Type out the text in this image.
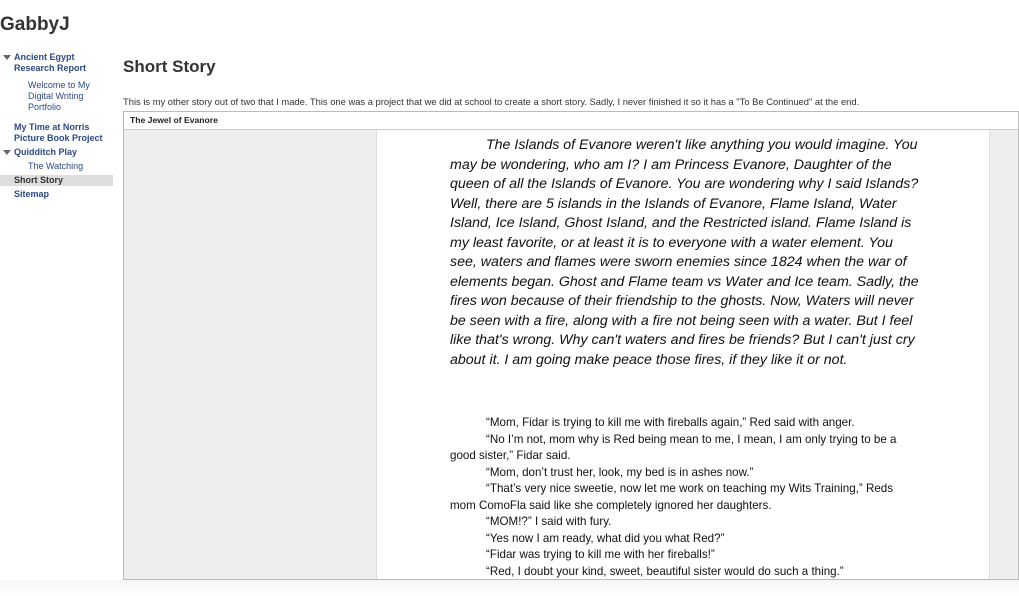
GabbyJ
Ancient Egypt Research Report
Welcome to My Digital Writing Portfolio
My Time at Norris Picture Book Project
Quidditch Play
The Watching
Short Story
Sitemap
Short Story
This is my other story out of two that I made. This one was a project that we did at school to create a short story. Sadly, I never finished it so it has a "To Be Continued" at the end.
The Jewel of Evanore

The Islands of Evanore weren't like anything you would imagine. You may be wondering, who am I? I am Princess Evanore, Daughter of the queen of all the Islands of Evanore. You are wondering why I said Islands? Well, there are 5 islands in the Islands of Evanore, Flame Island, Water Island, Ice Island, Ghost Island, and the Restricted island. Flame Island is my least favorite, or at least it is to everyone with a water element. You see, waters and flames were sworn enemies since 1824 when the war of elements began. Ghost and Flame team vs Water and Ice team. Sadly, the fires won because of their friendship to the ghosts. Now, Waters will never be seen with a fire, along with a fire not being seen with a water. But I feel like that's wrong. Why can't waters and fires be friends? But I can't just cry about it. I am going make peace those fires, if they like it or not.

“Mom, Fidar is trying to kill me with fireballs again,” Red said with anger.

“No I’m not, mom why is Red being mean to me, I mean, I am only trying to be a good sister,” Fidar said.

“Mom, don’t trust her, look, my bed is in ashes now.”

“That’s very nice sweetie, now let me work on teaching my Wits Training,” Reds mom ComoFla said like she completely ignored her daughters.

“MOM!?” I said with fury.

“Yes now I am ready, what did you what Red?”

“Fidar was trying to kill me with her fireballs!”

“Red, I doubt your kind, sweet, beautiful sister would do such a thing.”
